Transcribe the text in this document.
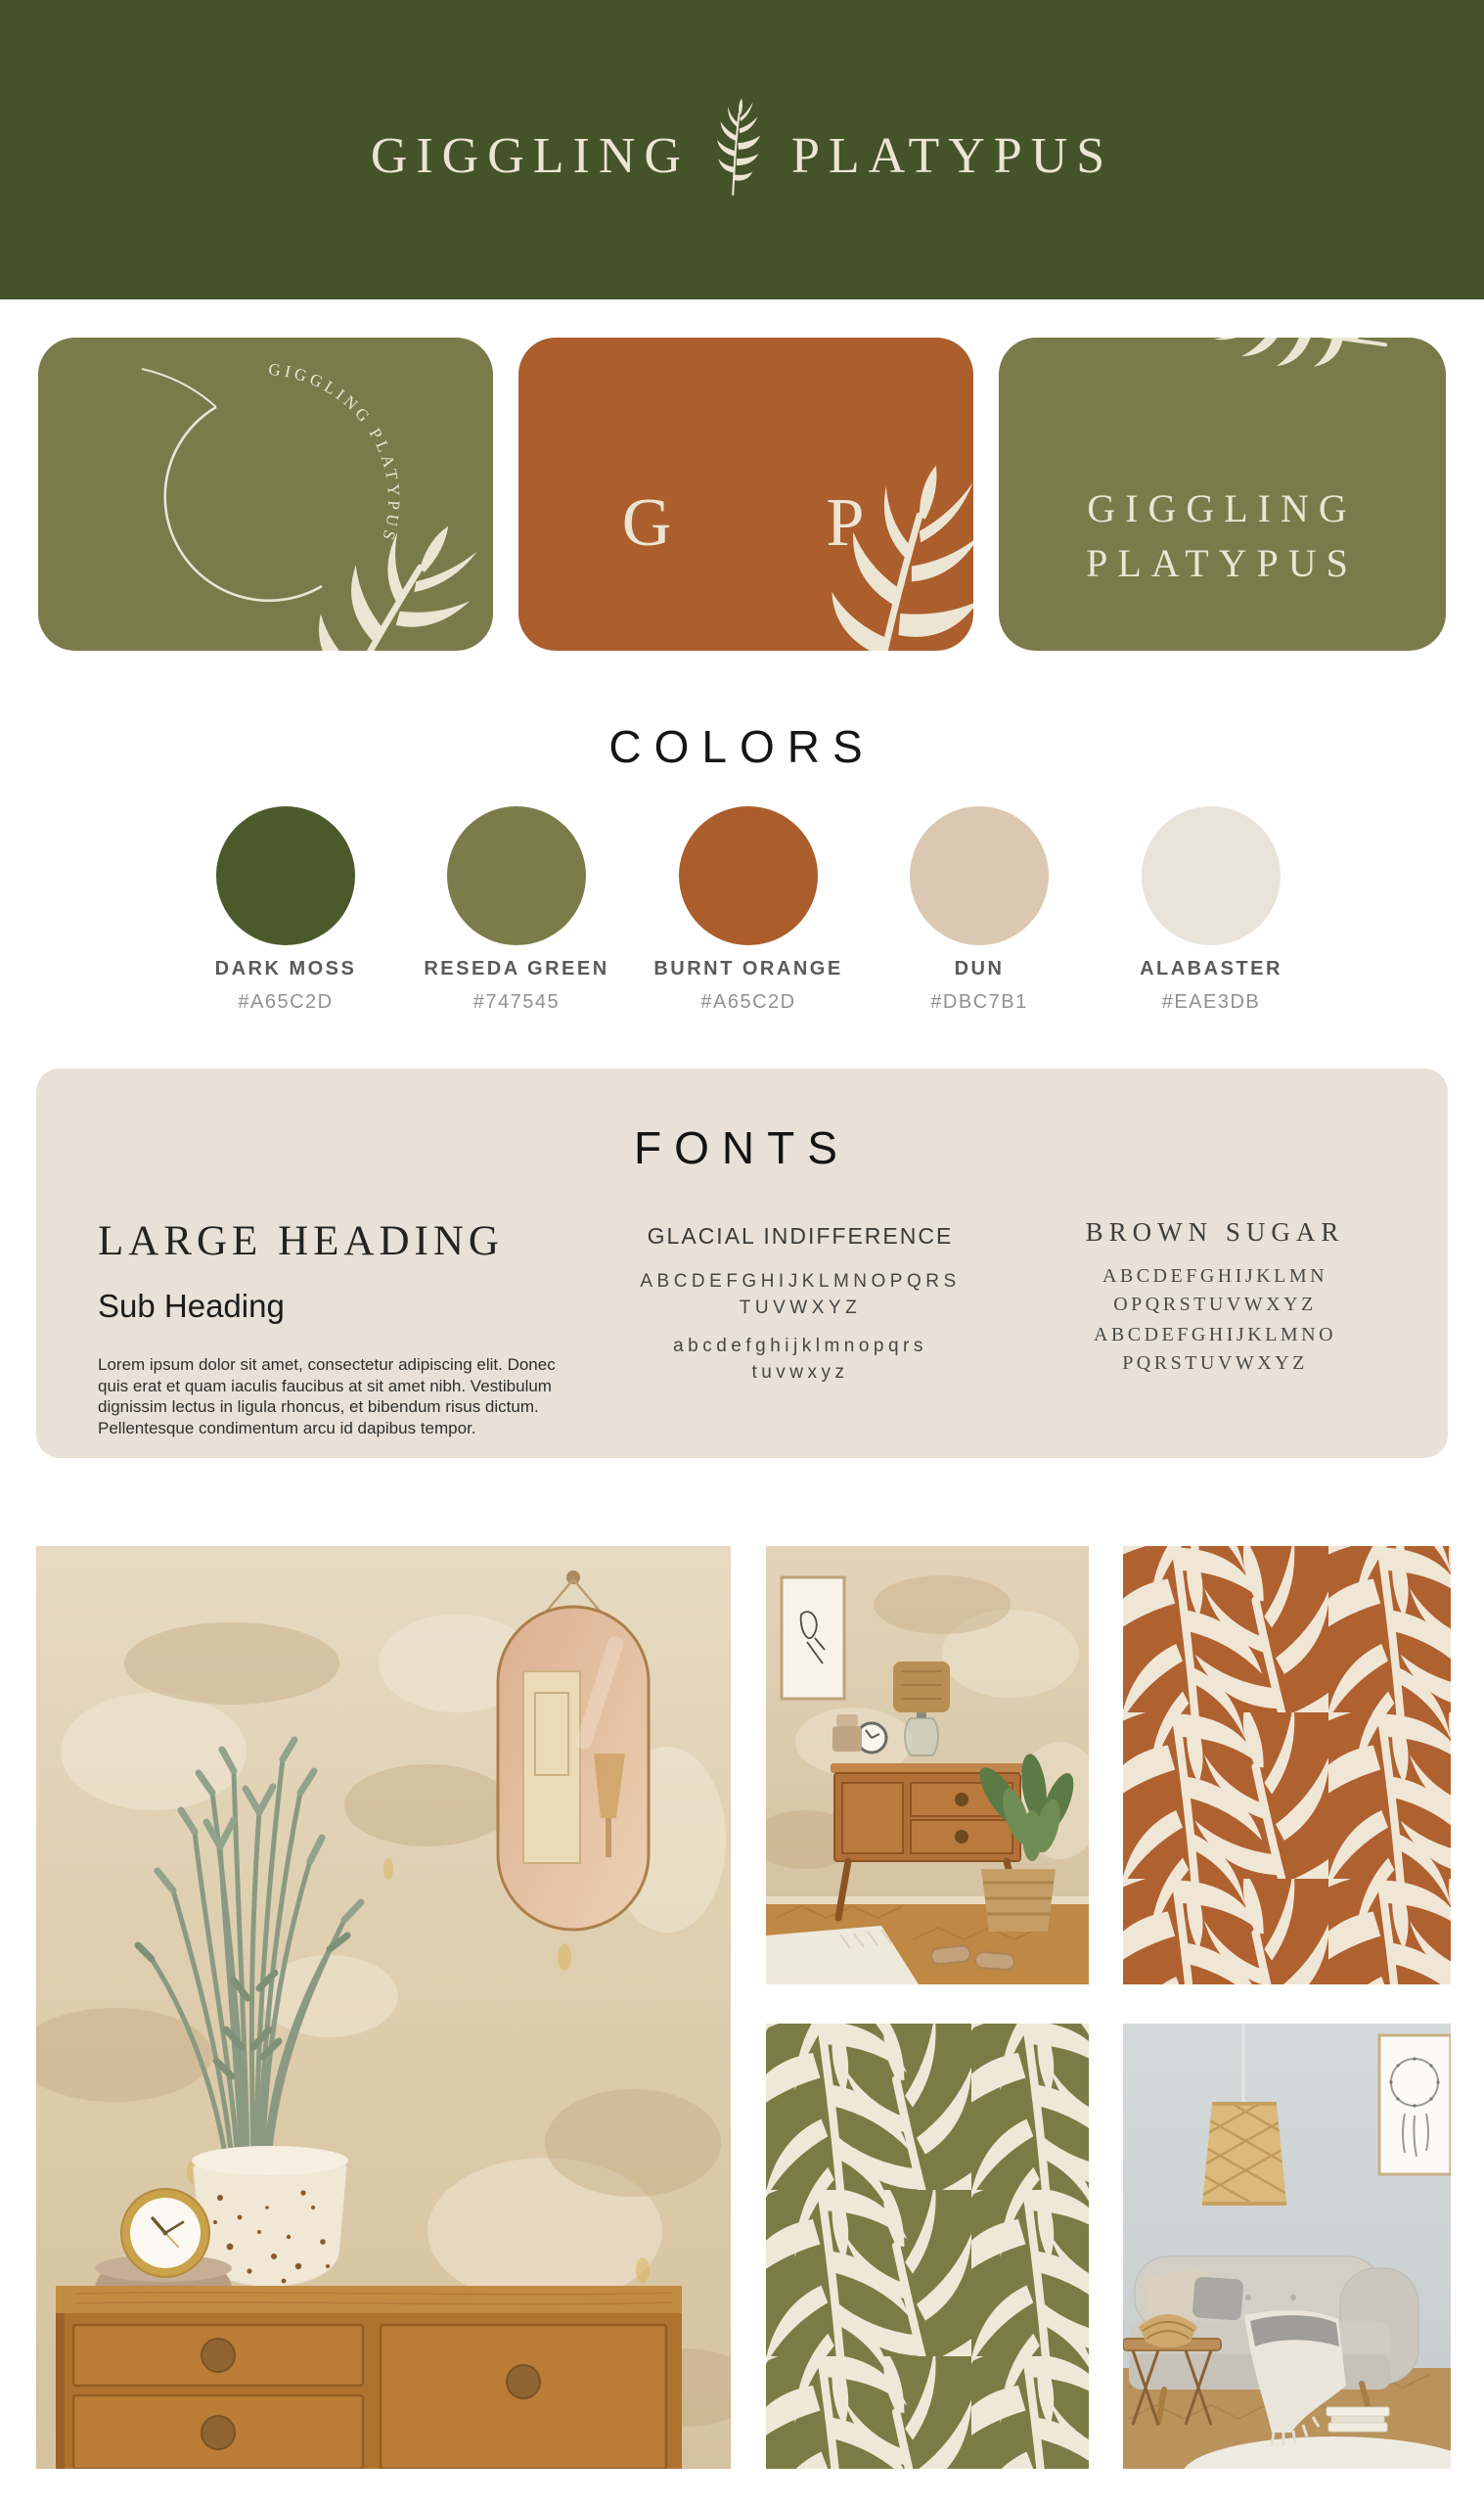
GIGGLING PLATYPUS
GIGGLING PLATYPUS	G P	GIGGLING
PLATYPUS
COLORS
DARK MOSS	RESEDA GREEN	BURNT ORANGE	DUN	ALABASTER
#A65C2D	#747545	#A65C2D	#DBC7B1	#EAE3DB
FONTS
LARGE HEADING
Sub Heading
Lorem ipsum dolor sit amet, consectetur adipiscing elit. Donec quis erat et quam iaculis faucibus at sit amet nibh. Vestibulum dignissim lectus in ligula rhoncus, et bibendum risus dictum. Pellentesque condimentum arcu id dapibus tempor.
GLACIAL INDIFFERENCE
ABCDEFGHIJKLMNOPQRS
TUVWXYZ
abcdefghijklmnopqrs
tuvwxyz
BROWN SUGAR
ABCDEFGHIJKLMN
OPQRSTUVWXYZ
ABCDEFGHIJKLMNO
PQRSTUVWXYZ
